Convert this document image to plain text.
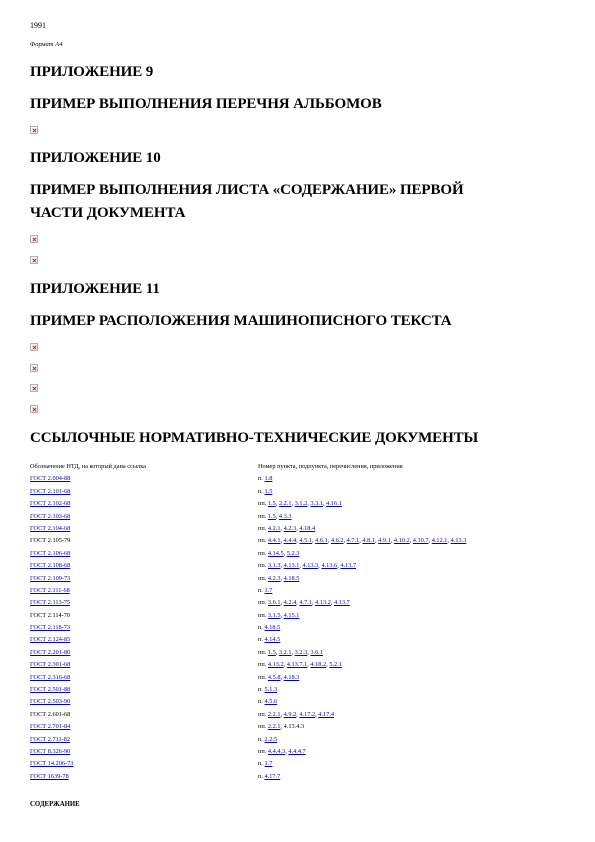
1991
Формат А4
ПРИЛОЖЕНИЕ 9
ПРИМЕР ВЫПОЛНЕНИЯ ПЕРЕЧНЯ АЛЬБОМОВ
ПРИЛОЖЕНИЕ 10
ПРИМЕР ВЫПОЛНЕНИЯ ЛИСТА «СОДЕРЖАНИЕ» ПЕРВОЙ
ЧАСТИ ДОКУМЕНТА
ПРИЛОЖЕНИЕ 11
ПРИМЕР РАСПОЛОЖЕНИЯ МАШИНОПИСНОГО ТЕКСТА
ССЫЛОЧНЫЕ НОРМАТИВНО-ТЕХНИЧЕСКИЕ ДОКУМЕНТЫ
Обозначение НТД, на который дана ссылка	Номер пункта, подпункта, перечисления, приложения
ГОСТ 2.004-88	п. 1.8
ГОСТ 2.101-68	п. 1.5
ГОСТ 2.102-68	пп. 1.5, 2.2.1, 3.1.2, 3.3.1, 4.16.1
ГОСТ 2.103-68	пп. 1.5, 4.3.3
ГОСТ 2.104-68	пп. 4.2.1, 4.2.3, 4.18.4
ГОСТ 2.105-79	пп. 4.4.1, 4.4.4, 4.5.1, 4.6.1, 4.6.2, 4.7.1, 4.8.1, 4.9.1, 4.10.2, 4.10.7, 4.12.1, 4.13.3
ГОСТ 2.106-68	пп. 4.14.5, 5.2.3
ГОСТ 2.108-68	пп. 3.1.3, 4.13.1, 4.13.3, 4.13.6, 4.13.7
ГОСТ 2.109-73	пп. 4.2.3, 4.18.5
ГОСТ 2.111-68	п. 1.7
ГОСТ 2.113-75	пп. 3.6.1, 4.2.4, 4.7.1, 4.13.2, 4.13.7
ГОСТ 2.114-70	пп. 3.1.5, 4.15.1
ГОСТ 2.118-73	п. 4.18.5
ГОСТ 2.124-85	п. 4.14.5
ГОСТ 2.201-80	пп. 1.5, 3.2.1, 3.2.3, 3.6.1
ГОСТ 2.301-68	пп. 4.13.2, 4.13.7.1, 4.18.2, 5.2.1
ГОСТ 2.316-68	пп. 4.5.8, 4.18.3
ГОСТ 2.501-88	п. 5.1.3
ГОСТ 2.503-90	п. 4.5.6
ГОСТ 2.601-68	пп. 2.2.1, 4.9.2, 4.17.2, 4.17.4
ГОСТ 2.701-84	пп. 2.2.1, 4.13.4.3
ГОСТ 2.711-82	п. 2.2.5
ГОСТ 8.326-90	пп. 4.4.4.3, 4.4.4.7
ГОСТ 14.206-73	п. 1.7
ГОСТ 1639-78	п. 4.17.7
СОДЕРЖАНИЕ
